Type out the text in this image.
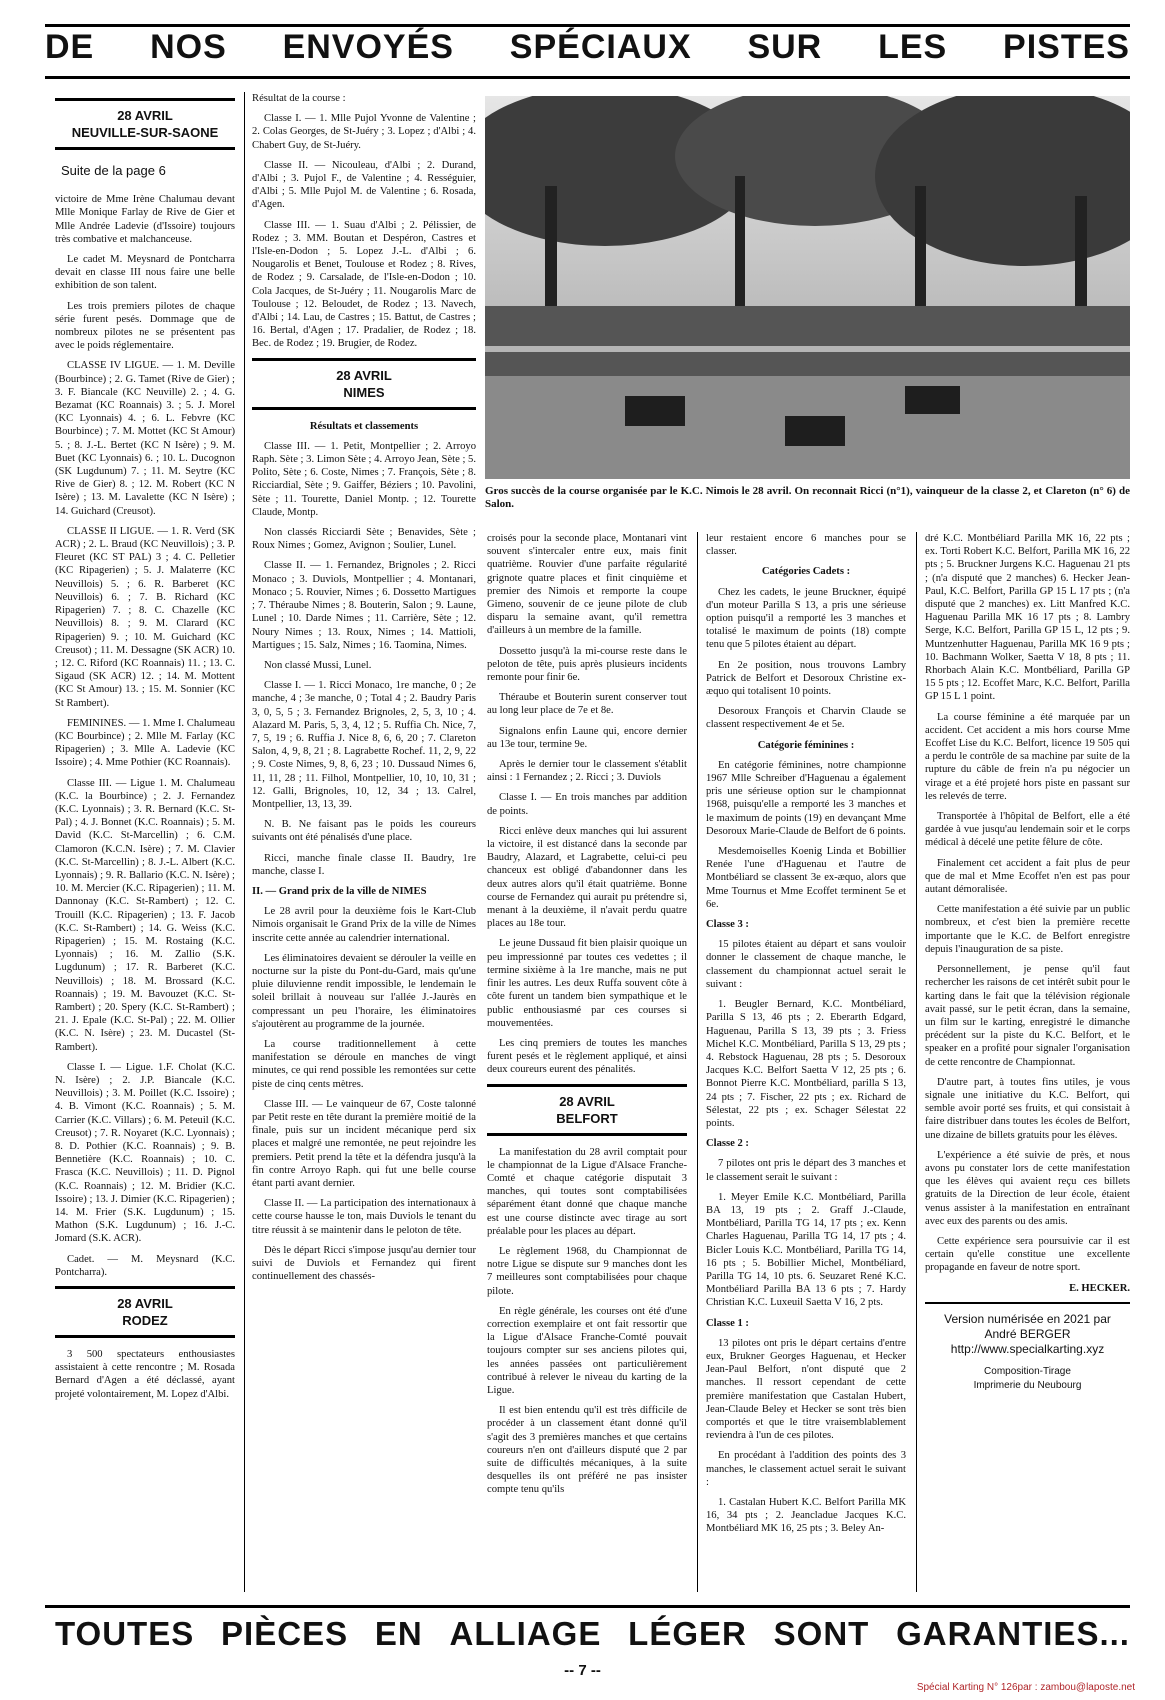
DE NOS ENVOYÉS SPÉCIAUX SUR LES PISTES
28 AVRIL
NEUVILLE-SUR-SAONE
Suite de la page 6

victoire de Mme Irène Chalumau devant Mlle Monique Farlay de Rive de Gier et Mlle Andrée Ladevie (d'Issoire) toujours très combative et malchanceuse.

Le cadet M. Meysnard de Pontcharra devait en classe III nous faire une belle exhibition de son talent.

Les trois premiers pilotes de chaque série furent pesés. Dommage que de nombreux pilotes ne se présentent pas avec le poids réglementaire.

CLASSE IV LIGUE. — 1. M. Deville (Bourbince) ; 2. G. Tamet (Rive de Gier) ; 3. F. Biancale (KC Neuville) 2. ; 4. G. Bezamat (KC Roannais) 3. ; 5. J. Morel (KC Lyonnais) 4. ; 6. L. Febvre (KC Bourbince) ; 7. M. Mottet (KC St Amour) 5. ; 8. J.-L. Bertet (KC N Isère) ; 9. M. Buet (KC Lyonnais) 6. ; 10. L. Ducognon (SK Lugdunum) 7. ; 11. M. Seytre (KC Rive de Gier) 8. ; 12. M. Robert (KC N Isère) ; 13. M. Lavalette (KC N Isère) ; 14. Guichard (Creusot).

CLASSE II LIGUE. — 1. R. Verd (SK ACR) ; 2. L. Braud (KC Neuvillois) ; 3. P. Fleuret (KC ST PAL) 3 ; 4. C. Pelletier (KC Ripagerien) ; 5. J. Malaterre (KC Neuvillois) 5. ; 6. R. Barberet (KC Neuvillois) 6. ; 7. B. Richard (KC Ripagerien) 7. ; 8. C. Chazelle (KC Neuvillois) 8. ; 9. M. Clarard (KC Ripagerien) 9. ; 10. M. Guichard (KC Creusot) ; 11. M. Dessagne (SK ACR) 10. ; 12. C. Riford (KC Roannais) 11. ; 13. C. Sigaud (SK ACR) 12. ; 14. M. Mottent (KC St Amour) 13. ; 15. M. Sonnier (KC St Rambert).

FEMININES. — 1. Mme I. Chalumeau (KC Bourbince) ; 2. Mlle M. Farlay (KC Ripagerien) ; 3. Mlle A. Ladevie (KC Issoire) ; 4. Mme Pothier (KC Roannais).

Classe III. — Ligue 1. M. Chalumeau (K.C. la Bourbince) ; 2. J. Fernandez (K.C. Lyonnais) ; 3. R. Bernard (K.C. St-Pal) ; 4. J. Bonnet (K.C. Roannais) ; 5. M. David (K.C. St-Marcellin) ; 6. C.M. Clamoron (K.C.N. Isère) ; 7. M. Clavier (K.C. St-Marcellin) ; 8. J.-L. Albert (K.C. Lyonnais) ; 9. R. Ballario (K.C. N. Isère) ; 10. M. Mercier (K.C. Ripagerien) ; 11. M. Dannonay (K.C. St-Rambert) ; 12. C. Trouill (K.C. Ripagerien) ; 13. F. Jacob (K.C. St-Rambert) ; 14. G. Weiss (K.C. Ripagerien) ; 15. M. Rostaing (K.C. Lyonnais) ; 16. M. Zallio (S.K. Lugdunum) ; 17. R. Barberet (K.C. Neuvillois) ; 18. M. Brossard (K.C. Roannais) ; 19. M. Bavouzet (K.C. St-Rambert) ; 20. Spery (K.C. St-Rambert) ; 21. J. Epale (K.C. St-Pal) ; 22. M. Ollier (K.C. N. Isère) ; 23. M. Ducastel (St-Rambert).

Classe I. — Ligue. 1.F. Cholat (K.C. N. Isère) ; 2. J.P. Biancale (K.C. Neuvillois) ; 3. M. Poillet (K.C. Issoire) ; 4. B. Vimont (K.C. Roannais) ; 5. M. Carrier (K.C. Villars) ; 6. M. Peteuil (K.C. Creusot) ; 7. R. Noyaret (K.C. Lyonnais) ; 8. D. Pothier (K.C. Roannais) ; 9. B. Bennetière (K.C. Roannais) ; 10. C. Frasca (K.C. Neuvillois) ; 11. D. Pignol (K.C. Roannais) ; 12. M. Bridier (K.C. Issoire) ; 13. J. Dimier (K.C. Ripagerien) ; 14. M. Frier (S.K. Lugdunum) ; 15. Mathon (S.K. Lugdunum) ; 16. J.-C. Jomard (S.K. ACR).

Cadet. — M. Meysnard (K.C. Pontcharra).

28 AVRIL
RODEZ

3 500 spectateurs enthousiastes assistaient à cette rencontre ; M. Rosada Bernard d'Agen a été déclassé, ayant projeté volontairement, M. Lopez d'Albi.

Résultat de la course :

Classe I. — 1. Mlle Pujol Yvonne de Valentine ; 2. Colas Georges, de St-Juéry ; 3. Lopez ; d'Albi ; 4. Chabert Guy, de St-Juéry.

Classe II. — Nicouleau, d'Albi ; 2. Durand, d'Albi ; 3. Pujol F., de Valentine ; 4. Rességuier, d'Albi ; 5. Mlle Pujol M. de Valentine ; 6. Rosada, d'Agen.

Classe III. — 1. Suau d'Albi ; 2. Pélissier, de Rodez ; 3. MM. Boutan et Despéron, Castres et l'Isle-en-Dodon ; 5. Lopez J.-L. d'Albi ; 6. Nougarolis et Benet, Toulouse et Rodez ; 8. Rives, de Rodez ; 9. Carsalade, de l'Isle-en-Dodon ; 10. Cola Jacques, de St-Juéry ; 11. Nougarolis Marc de Toulouse ; 12. Beloudet, de Rodez ; 13. Navech, d'Albi ; 14. Lau, de Castres ; 15. Battut, de Castres ; 16. Bertal, d'Agen ; 17. Pradalier, de Rodez ; 18. Bec. de Rodez ; 19. Brugier, de Rodez.

28 AVRIL
NIMES

Résultats et classements

Classe III. — 1. Petit, Montpellier ; 2. Arroyo Raph. Sète ; 3. Limon Sète ; 4. Arroyo Jean, Sète ; 5. Polito, Sète ; 6. Coste, Nimes ; 7. François, Sète ; 8. Ricciardial, Sète ; 9. Gaiffer, Béziers ; 10. Pavolini, Sète ; 11. Tourette, Daniel Montp. ; 12. Tourette Claude, Montp.

Non classés Ricciardi Sète ; Benavides, Sète ; Roux Nimes ; Gomez, Avignon ; Soulier, Lunel.

Classe II. — 1. Fernandez, Brignoles ; 2. Ricci Monaco ; 3. Duviols, Montpellier ; 4. Montanari, Monaco ; 5. Rouvier, Nimes ; 6. Dossetto Martigues ; 7. Théraube Nimes ; 8. Bouterin, Salon ; 9. Laune, Lunel ; 10. Darde Nimes ; 11. Carrière, Sète ; 12. Noury Nimes ; 13. Roux, Nimes ; 14. Mattioli, Martigues ; 15. Salz, Nimes ; 16. Taomina, Nimes.

Non classé Mussi, Lunel.

Classe I. — 1. Ricci Monaco, 1re manche, 0 ; 2e manche, 4 ; 3e manche, 0 ; Total 4 ; 2. Baudry Paris 3, 0, 5, 5 ; 3. Fernandez Brignoles, 2, 5, 3, 10 ; 4. Alazard M. Paris, 5, 3, 4, 12 ; 5. Ruffia Ch. Nice, 7, 7, 5, 19 ; 6. Ruffia J. Nice 8, 6, 6, 20 ; 7. Clareton Salon, 4, 9, 8, 21 ; 8. Lagrabette Rochef. 11, 2, 9, 22 ; 9. Coste Nimes, 9, 8, 6, 23 ; 10. Dussaud Nimes 6, 11, 11, 28 ; 11. Filhol, Montpellier, 10, 10, 10, 31 ; 12. Galli, Brignoles, 10, 12, 34 ; 13. Calrel, Montpellier, 13, 13, 39.

N. B. Ne faisant pas le poids les coureurs suivants ont été pénalisés d'une place.

Ricci, manche finale classe II. Baudry, 1re manche, classe I.

II. — Grand prix de la ville de NIMES

Le 28 avril pour la deuxième fois le Kart-Club Nimois organisait le Grand Prix de la ville de Nimes inscrite cette année au calendrier international.

Les éliminatoires devaient se dérouler la veille en nocturne sur la piste du Pont-du-Gard, mais qu'une pluie diluvienne rendit impossible, le lendemain le soleil brillait à nouveau sur l'allée J.-Jaurès en compressant un peu l'horaire, les éliminatoires s'ajoutèrent au programme de la journée.

La course traditionnellement à cette manifestation se déroule en manches de vingt minutes, ce qui rend possible les remontées sur cette piste de cinq cents mètres.

Classe III. — Le vainqueur de 67, Coste talonné par Petit reste en tête durant la première moitié de la finale, puis sur un incident mécanique perd six places et malgré une remontée, ne peut rejoindre les premiers. Petit prend la tête et la défendra jusqu'à la fin contre Arroyo Raph. qui fut une belle course étant parti avant dernier.

Classe II. — La participation des internationaux à cette course hausse le ton, mais Duviols le tenant du titre réussit à se maintenir dans le peloton de tête.

Dès le départ Ricci s'impose jusqu'au dernier tour suivi de Duviols et Fernandez qui firent continuellement des chassés-

Gros succès de la course organisée par le K.C. Nimois le 28 avril. On reconnait Ricci (n°1), vainqueur de la classe 2, et Clareton (n° 6) de Salon.

croisés pour la seconde place, Montanari vint souvent s'intercaler entre eux, mais finit quatrième. Rouvier d'une parfaite régularité grignote quatre places et finit cinquième et premier des Nimois et remporte la coupe Gimeno, souvenir de ce jeune pilote de club disparu la semaine avant, qu'il remettra d'ailleurs à un membre de la famille.

Dossetto jusqu'à la mi-course reste dans le peloton de tête, puis après plusieurs incidents remonte pour finir 6e.

Théraube et Bouterin surent conserver tout au long leur place de 7e et 8e.

Signalons enfin Laune qui, encore dernier au 13e tour, termine 9e.

Après le dernier tour le classement s'établit ainsi : 1 Fernandez ; 2. Ricci ; 3. Duviols

Classe I. — En trois manches par addition de points.

Ricci enlève deux manches qui lui assurent la victoire, il est distancé dans la seconde par Baudry, Alazard, et Lagrabette, celui-ci peu chanceux est obligé d'abandonner dans les deux autres alors qu'il était quatrième. Bonne course de Fernandez qui aurait pu prétendre si, menant à la deuxième, il n'avait perdu quatre places au 18e tour.

Le jeune Dussaud fit bien plaisir quoique un peu impressionné par toutes ces vedettes ; il termine sixième à la 1re manche, mais ne put finir les autres. Les deux Ruffa souvent côte à côte furent un tandem bien sympathique et le public enthousiasmé par ces courses si mouvementées.

Les cinq premiers de toutes les manches furent pesés et le règlement appliqué, et ainsi deux coureurs eurent des pénalités.

28 AVRIL
BELFORT

La manifestation du 28 avril comptait pour le championnat de la Ligue d'Alsace Franche-Comté et chaque catégorie disputait 3 manches, qui toutes sont comptabilisées séparément étant donné que chaque manche est une course distincte avec tirage au sort préalable pour les places au départ.

Le règlement 1968, du Championnat de notre Ligue se dispute sur 9 manches dont les 7 meilleures sont comptabilisées pour chaque pilote.

En règle générale, les courses ont été d'une correction exemplaire et ont fait ressortir que la Ligue d'Alsace Franche-Comté pouvait toujours compter sur ses anciens pilotes qui, les années passées ont particulièrement contribué à relever le niveau du karting de la Ligue.

Il est bien entendu qu'il est très difficile de procéder à un classement étant donné qu'il s'agit des 3 premières manches et que certains coureurs n'en ont d'ailleurs disputé que 2 par suite de difficultés mécaniques, à la suite desquelles ils ont préféré ne pas insister compte tenu qu'ils

leur restaient encore 6 manches pour se classer.

Catégories Cadets :

Chez les cadets, le jeune Bruckner, équipé d'un moteur Parilla S 13, a pris une sérieuse option puisqu'il a remporté les 3 manches et totalisé le maximum de points (18) compte tenu que 5 pilotes étaient au départ.

En 2e position, nous trouvons Lambry Patrick de Belfort et Desoroux Christine ex-æquo qui totalisent 10 points.

Desoroux François et Charvin Claude se classent respectivement 4e et 5e.

Catégorie féminines :

En catégorie féminines, notre championne 1967 Mlle Schreiber d'Haguenau a également pris une sérieuse option sur le championnat 1968, puisqu'elle a remporté les 3 manches et le maximum de points (19) en devançant Mme Desoroux Marie-Claude de Belfort de 6 points.

Mesdemoiselles Koenig Linda et Bobillier Renée l'une d'Haguenau et l'autre de Montbéliard se classent 3e ex-æquo, alors que Mme Tournus et Mme Ecoffet terminent 5e et 6e.

Classe 3 :

15 pilotes étaient au départ et sans vouloir donner le classement de chaque manche, le classement du championnat actuel serait le suivant :

1. Beugler Bernard, K.C. Montbéliard, Parilla S 13, 46 pts ; 2. Eberarth Edgard, Haguenau, Parilla S 13, 39 pts ; 3. Friess Michel K.C. Montbéliard, Parilla S 13, 29 pts ; 4. Rebstock Haguenau, 28 pts ; 5. Desoroux Jacques K.C. Belfort Saetta V 12, 25 pts ; 6. Bonnot Pierre K.C. Montbéliard, parilla S 13, 24 pts ; 7. Fischer, 22 pts ; ex. Richard de Sélestat, 22 pts ; ex. Schager Sélestat 22 points.

Classe 2 :

7 pilotes ont pris le départ des 3 manches et le classement serait le suivant :

1. Meyer Emile K.C. Montbéliard, Parilla BA 13, 19 pts ; 2. Graff J.-Claude, Montbéliard, Parilla TG 14, 17 pts ; ex. Kenn Charles Haguenau, Parilla TG 14, 17 pts ; 4. Bicler Louis K.C. Montbéliard, Parilla TG 14, 16 pts ; 5. Bobillier Michel, Montbéliard, Parilla TG 14, 10 pts. 6. Seuzaret René K.C. Montbéliard Parilla BA 13 6 pts ; 7. Hardy Christian K.C. Luxeuil Saetta V 16, 2 pts.

Classe 1 :

13 pilotes ont pris le départ certains d'entre eux, Brukner Georges Haguenau, et Hecker Jean-Paul Belfort, n'ont disputé que 2 manches. Il ressort cependant de cette première manifestation que Castalan Hubert, Jean-Claude Beley et Hecker se sont très bien comportés et que le titre vraisemblablement reviendra à l'un de ces pilotes.

En procédant à l'addition des points des 3 manches, le classement actuel serait le suivant :

1. Castalan Hubert K.C. Belfort Parilla MK 16, 34 pts ; 2. Jeancladue Jacques K.C. Montbéliard MK 16, 25 pts ; 3. Beley An-

dré K.C. Montbéliard Parilla MK 16, 22 pts ; ex. Torti Robert K.C. Belfort, Parilla MK 16, 22 pts ; 5. Bruckner Jurgens K.C. Haguenau 21 pts ; (n'a disputé que 2 manches) 6. Hecker Jean-Paul, K.C. Belfort, Parilla GP 15 L 17 pts ; (n'a disputé que 2 manches) ex. Litt Manfred K.C. Haguenau Parilla MK 16 17 pts ; 8. Lambry Serge, K.C. Belfort, Parilla GP 15 L, 12 pts ; 9. Muntzenhutter Haguenau, Parilla MK 16 9 pts ; 10. Bachmann Wolker, Saetta V 18, 8 pts ; 11. Rhorbach Alain K.C. Montbéliard, Parilla GP 15 5 pts ; 12. Ecoffet Marc, K.C. Belfort, Parilla GP 15 L 1 point.

La course féminine a été marquée par un accident. Cet accident a mis hors course Mme Ecoffet Lise du K.C. Belfort, licence 19 505 qui a perdu le contrôle de sa machine par suite de la rupture du câble de frein n'a pu négocier un virage et a été projeté hors piste en passant sur les relevés de terre.

Transportée à l'hôpital de Belfort, elle a été gardée à vue jusqu'au lendemain soir et le corps médical à décelé une petite fêlure de côte.

Finalement cet accident a fait plus de peur que de mal et Mme Ecoffet n'en est pas pour autant démoralisée.

Cette manifestation a été suivie par un public nombreux, et c'est bien la première recette importante que le K.C. de Belfort enregistre depuis l'inauguration de sa piste.

Personnellement, je pense qu'il faut rechercher les raisons de cet intérêt subit pour le karting dans le fait que la télévision régionale avait passé, sur le petit écran, dans la semaine, un film sur le karting, enregistré le dimanche précédent sur la piste du K.C. Belfort, et le speaker en a profité pour signaler l'organisation de cette rencontre de Championnat.

D'autre part, à toutes fins utiles, je vous signale une initiative du K.C. Belfort, qui semble avoir porté ses fruits, et qui consistait à faire distribuer dans toutes les écoles de Belfort, une dizaine de billets gratuits pour les élèves.

L'expérience a été suivie de près, et nous avons pu constater lors de cette manifestation que les élèves qui avaient reçu ces billets gratuits de la Direction de leur école, étaient venus assister à la manifestation en entraînant avec eux des parents ou des amis.

Cette expérience sera poursuivie car il est certain qu'elle constitue une excellente propagande en faveur de notre sport.

E. HECKER.

Version numérisée en 2021 par
André BERGER
http://www.specialkarting.xyz
Composition-Tirage
Imprimerie du Neubourg
TOUTES PIÈCES EN ALLIAGE LÉGER SONT GARANTIES...
-- 7 --
Spécial Karting N° 126par : zambou@laposte.net
